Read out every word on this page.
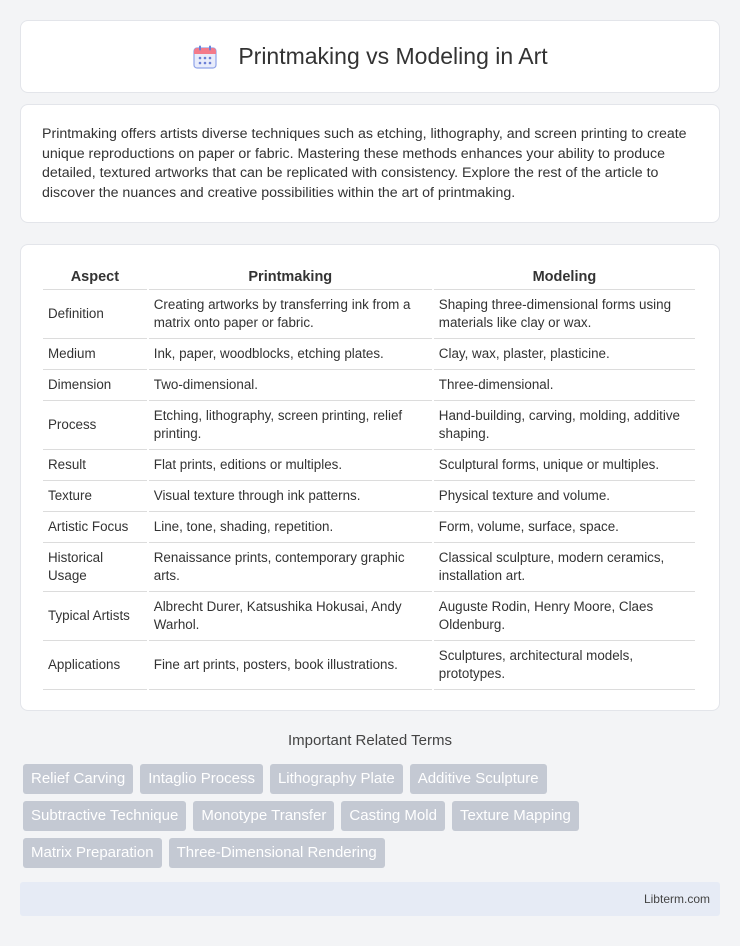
Printmaking vs Modeling in Art

Printmaking offers artists diverse techniques such as etching, lithography, and screen printing to create unique reproductions on paper or fabric. Mastering these methods enhances your ability to produce detailed, textured artworks that can be replicated with consistency. Explore the rest of the article to discover the nuances and creative possibilities within the art of printmaking.

Aspect	Printmaking	Modeling
Definition	Creating artworks by transferring ink from a matrix onto paper or fabric.	Shaping three-dimensional forms using materials like clay or wax.
Medium	Ink, paper, woodblocks, etching plates.	Clay, wax, plaster, plasticine.
Dimension	Two-dimensional.	Three-dimensional.
Process	Etching, lithography, screen printing, relief printing.	Hand-building, carving, molding, additive shaping.
Result	Flat prints, editions or multiples.	Sculptural forms, unique or multiples.
Texture	Visual texture through ink patterns.	Physical texture and volume.
Artistic Focus	Line, tone, shading, repetition.	Form, volume, surface, space.
Historical Usage	Renaissance prints, contemporary graphic arts.	Classical sculpture, modern ceramics, installation art.
Typical Artists	Albrecht Durer, Katsushika Hokusai, Andy Warhol.	Auguste Rodin, Henry Moore, Claes Oldenburg.
Applications	Fine art prints, posters, book illustrations.	Sculptures, architectural models, prototypes.
Important Related Terms
Relief Carving	Intaglio Process	Lithography Plate	Additive Sculpture
Subtractive Technique	Monotype Transfer	Casting Mold	Texture Mapping
Matrix Preparation	Three-Dimensional Rendering
Libterm.com
